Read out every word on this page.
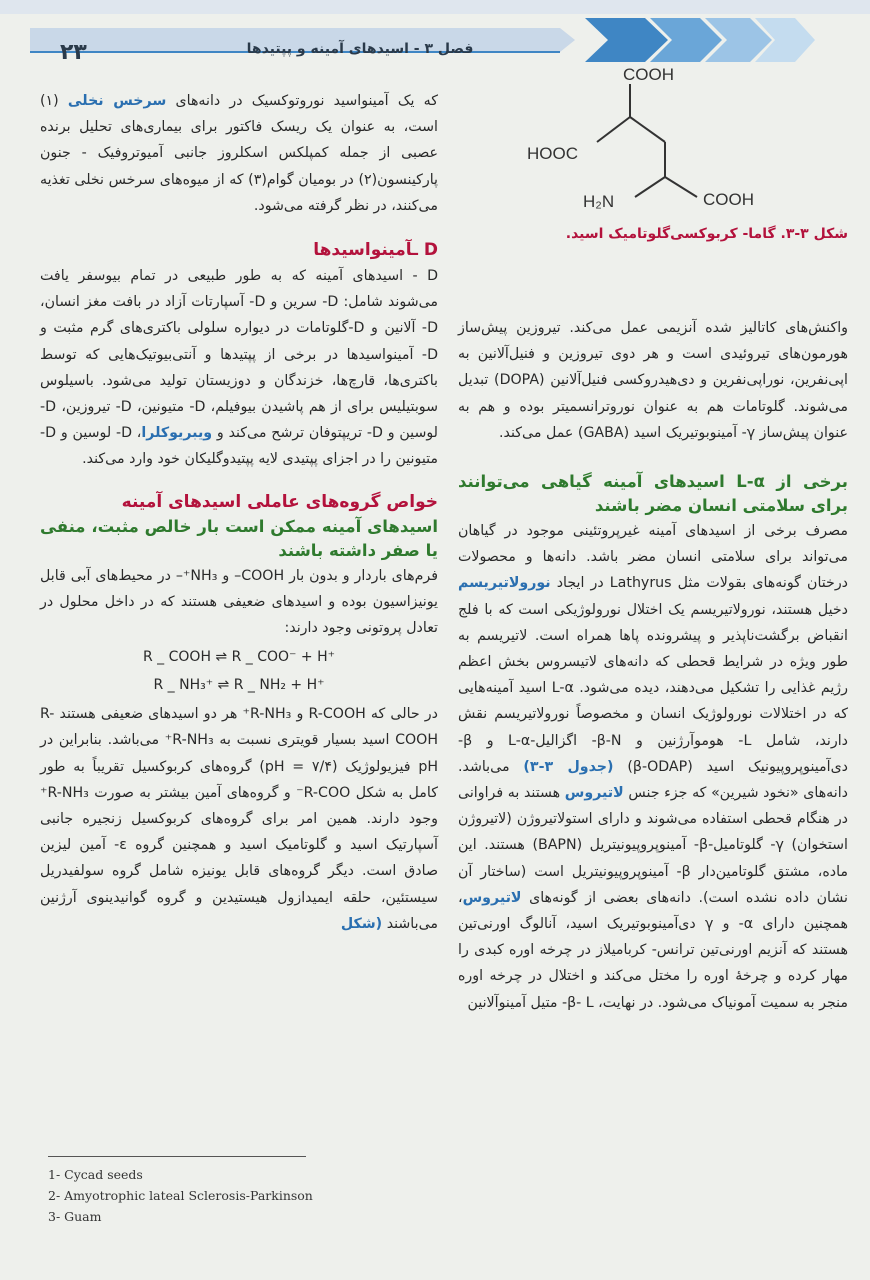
۲۳	فصل ۳ - اسیدهای آمینه و پپتیدها
COOH
HOOC
H₂N	COOH
شکل ۳-۳. گاما- کربوکسی‌گلوتامیک اسید.

که یک آمینواسید نوروتوکسیک در دانه‌های سرخس نخلی (۱) است، به عنوان یک ریسک فاکتور برای بیماری‌های تحلیل برنده عصبی از جمله کمپلکس اسکلروز جانبی آمیوتروفیک - جنون پارکینسون(۲) در بومیان گوام(۳) که از میوه‌های سرخس نخلی تغذیه می‌کنند، در نظر گرفته می‌شود.

D ـآمینواسیدها

D - اسیدهای آمینه که به طور طبیعی در تمام بیوسفر یافت می‌شوند شامل: D- سرین و D- آسپارتات آزاد در بافت مغز انسان، D- آلانین و D-گلوتامات در دیواره سلولی باکتری‌های گرم مثبت و D- آمینواسیدها در برخی از پپتیدها و آنتی‌بیوتیک‌هایی که توسط باکتری‌ها، قارچ‌ها، خزندگان و دوزیستان تولید می‌شود. باسیلوس سوبتیلیس برای از هم پاشیدن بیوفیلم، D- متیونین، D- تیروزین، D- لوسین و D- تریپتوفان ترشح می‌کند و ویبریوکلرا، D- لوسین و D- متیونین را در اجزای پپتیدی لایه پپتیدوگلیکان خود وارد می‌کند.

خواص گروه‌های عاملی اسیدهای آمینه
اسیدهای آمینه ممکن است بار خالص مثبت، منفی یا صفر داشته باشند

فرم‌های باردار و بدون بار COOH– و NH₃⁺– در محیط‌های آبی قابل یونیزاسیون بوده و اسیدهای ضعیفی هستند که در داخل محلول در تعادل پروتونی وجود دارند:

R _ COOH ⇌ R _ COO⁻ + H⁺
R _ NH₃⁺ ⇌ R _ NH₂ + H⁺

در حالی که R-COOH و R-NH₃⁺ هر دو اسیدهای ضعیفی هستند R-COOH اسید بسیار قویتری نسبت به R-NH₃⁺ می‌باشد. بنابراین در pH فیزیولوژیک (pH = ۷/۴) گروه‌های کربوکسیل تقریباً به طور کامل به شکل R-COO⁻ و گروه‌های آمین بیشتر به صورت R-NH₃⁺ وجود دارند. همین امر برای گروه‌های کربوکسیل زنجیره جانبی آسپارتیک اسید و گلوتامیک اسید و همچنین گروه ε- آمین لیزین صادق است. دیگر گروه‌های قابل یونیزه شامل گروه سولفیدریل سیستئین، حلقه ایمیدازول هیستیدین و گروه گوانیدینوی آرژنین می‌باشند (شکل

واکنش‌های کاتالیز شده آنزیمی عمل می‌کند. تیروزین پیش‌ساز هورمون‌های تیروئیدی است و هر دوی تیروزین و فنیل‌آلانین به اپی‌نفرین، نوراپی‌نفرین و دی‌هیدروکسی فنیل‌آلانین (DOPA) تبدیل می‌شوند. گلوتامات هم به عنوان نوروترانسمیتر بوده و هم به عنوان پیش‌ساز γ- آمینوبوتیریک اسید (GABA) عمل می‌کند.

برخی از L-α اسیدهای آمینه گیاهی می‌توانند برای سلامتی انسان مضر باشند

مصرف برخی از اسیدهای آمینه غیرپروتئینی موجود در گیاهان می‌تواند برای سلامتی انسان مضر باشد. دانه‌ها و محصولات درختان گونه‌های بقولات مثل Lathyrus در ایجاد نورولاتیریسم دخیل هستند، نورولاتیریسم یک اختلال نورولوژیکی است که با فلج انقباض برگشت‌ناپذیر و پیشرونده پاها همراه است. لاتیریسم به طور ویژه در شرایط قحطی که دانه‌های لاتیسروس بخش اعظم رژیم غذایی را تشکیل می‌دهند، دیده می‌شود. L-α اسید آمینه‌هایی که در اختلالات نورولوژیک انسان و مخصوصاً نورولاتیریسم نقش دارند، شامل L- هوموآرژنین و β-N- اگزالیل-L-α و β- دی‌آمینوپروپیونیک اسید (β-ODAP) (جدول ۳-۳) می‌باشد. دانه‌های «نخود شیرین» که جزء جنس لاتیروس هستند به فراوانی در هنگام قحطی استفاده می‌شوند و دارای استولاتیروژن (لاتیروژن استخوان) γ- گلوتامیل-β- آمینوپروپیونیتریل (BAPN) هستند. این ماده، مشتق گلوتامین‌دار β- آمینوپروپیونیتریل است (ساختار آن نشان داده نشده است). دانه‌های بعضی از گونه‌های لاتیروس، همچنین دارای α- و γ دی‌آمینوبوتیریک اسید، آنالوگ اورنی‌تین هستند که آنزیم اورنی‌تین ترانس- کربامیلاز در چرخه اوره کبدی را مهار کرده و چرخهٔ اوره را مختل می‌کند و اختلال در چرخه اوره منجر به سمیت آمونیاک می‌شود. در نهایت، β- L- متیل آمینوآلانین

1- Cycad seeds
2- Amyotrophic lateal Sclerosis-Parkinson
3- Guam
